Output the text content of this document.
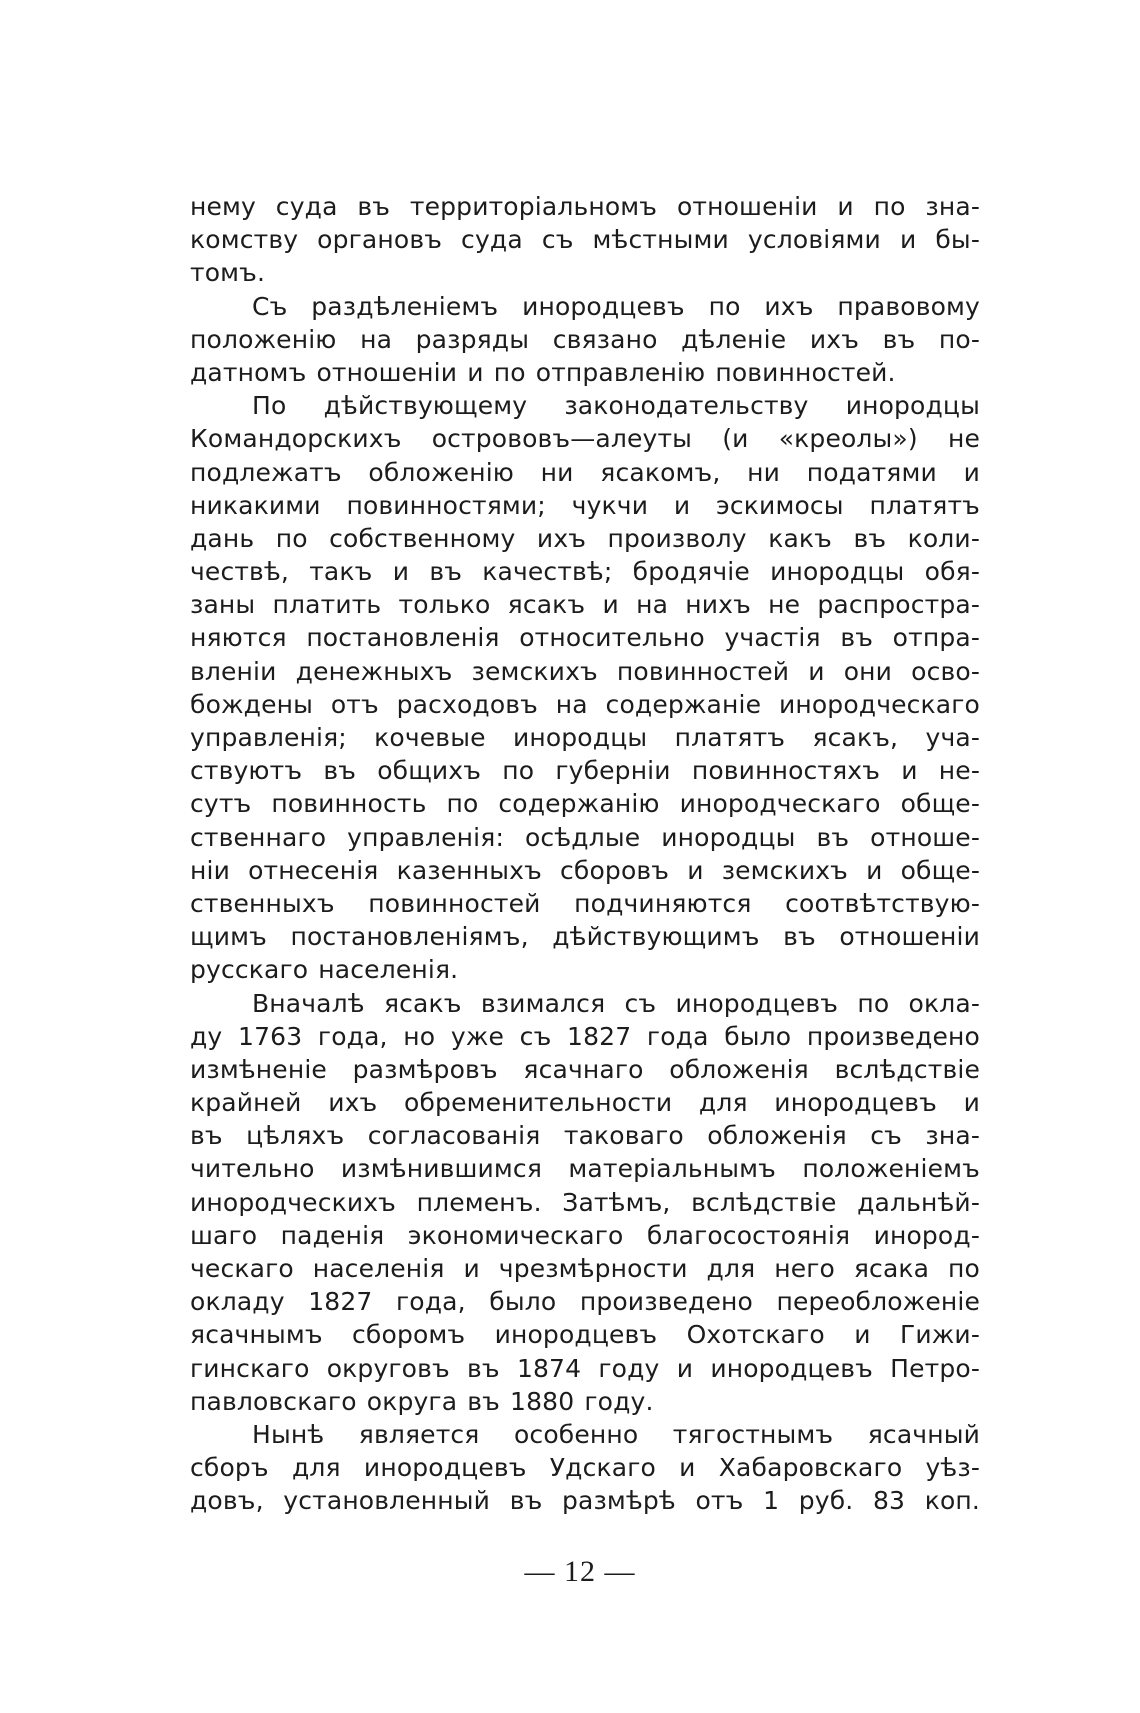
нему суда въ территоріальномъ отношеніи и по зна-
комству органовъ суда съ мѣстными условіями и бы-
томъ.
Съ раздѣленіемъ инородцевъ по ихъ правовому
положенію на разряды связано дѣленіе ихъ въ по-
датномъ отношеніи и по отправленію повинностей.
По дѣйствующему законодательству инородцы
Командорскихъ острововъ—алеуты (и «креолы») не
подлежатъ обложенію ни ясакомъ, ни податями и
никакими повинностями; чукчи и эскимосы платятъ
дань по собственному ихъ произволу какъ въ коли-
чествѣ, такъ и въ качествѣ; бродячіе инородцы обя-
заны платить только ясакъ и на нихъ не распростра-
няются постановленія относительно участія въ отпра-
вленіи денежныхъ земскихъ повинностей и они осво-
бождены отъ расходовъ на содержаніе инородческаго
управленія; кочевые инородцы платятъ ясакъ, уча-
ствуютъ въ общихъ по губерніи повинностяхъ и не-
сутъ повинность по содержанію инородческаго обще-
ственнаго управленія: осѣдлые инородцы въ отноше-
ніи отнесенія казенныхъ сборовъ и земскихъ и обще-
ственныхъ повинностей подчиняются соотвѣтствую-
щимъ постановленіямъ, дѣйствующимъ въ отношеніи
русскаго населенія.
Вначалѣ ясакъ взимался съ инородцевъ по окла-
ду 1763 года, но уже съ 1827 года было произведено
измѣненіе размѣровъ ясачнаго обложенія вслѣдствіе
крайней ихъ обременительности для инородцевъ и
въ цѣляхъ согласованія таковаго обложенія съ зна-
чительно измѣнившимся матеріальнымъ положеніемъ
инородческихъ племенъ. Затѣмъ, вслѣдствіе дальнѣй-
шаго паденія экономическаго благосостоянія инород-
ческаго населенія и чрезмѣрности для него ясака по
окладу 1827 года, было произведено переобложеніе
ясачнымъ сборомъ инородцевъ Охотскаго и Гижи-
гинскаго округовъ въ 1874 году и инородцевъ Петро-
павловскаго округа въ 1880 году.
Нынѣ является особенно тягостнымъ ясачный
сборъ для инородцевъ Удскаго и Хабаровскаго уѣз-
довъ, установленный въ размѣрѣ отъ 1 руб. 83 коп.
— 12 —
